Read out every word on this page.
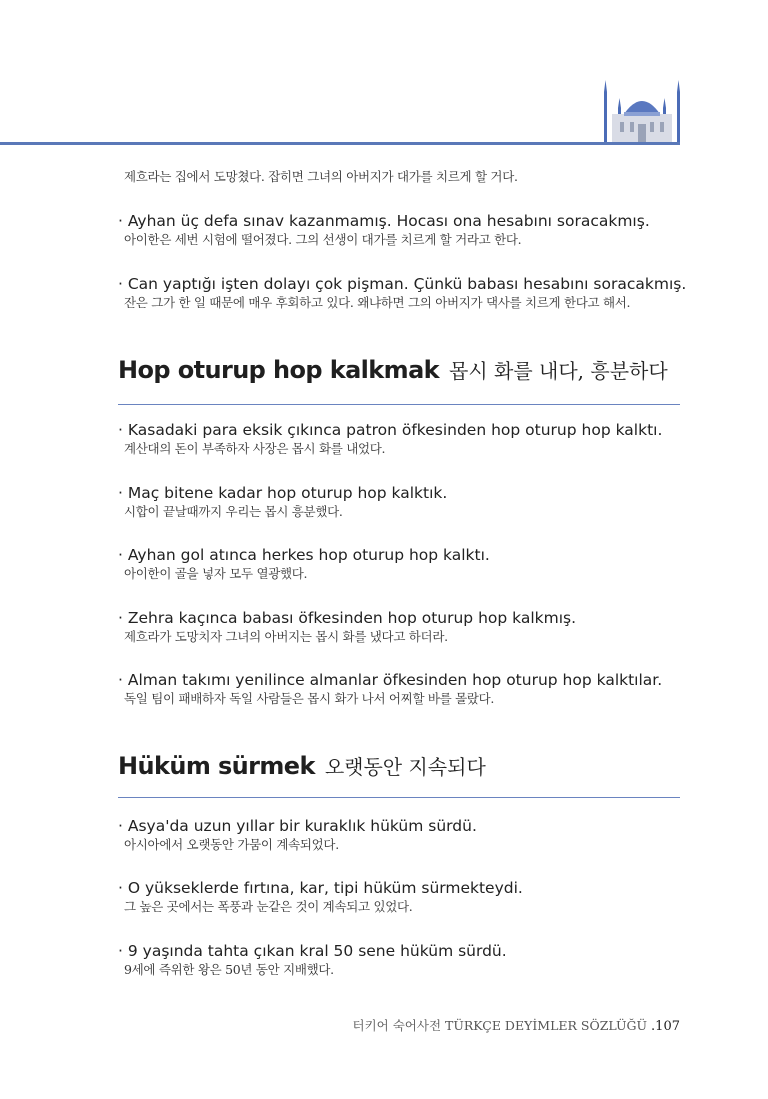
제흐라는 집에서 도망쳤다. 잡히면 그녀의 아버지가 대가를 치르게 할 거다.
· Ayhan üç defa sınav kazanmamış. Hocası ona hesabını soracakmış.
아이한은 세번 시험에 떨어졌다. 그의 선생이 대가를 치르게 할 거라고 한다.
· Can yaptığı işten dolayı çok pişman. Çünkü babası hesabını soracakmış.
잔은 그가 한 일 때문에 매우 후회하고 있다. 왜냐하면 그의 아버지가 댁사를 치르게 한다고 해서.
Hop oturup hop kalkmak 몹시 화를 내다, 흥분하다
· Kasadaki para eksik çıkınca patron öfkesinden hop oturup hop kalktı.
계산대의 돈이 부족하자 사장은 몹시 화를 내었다.
· Maç bitene kadar hop oturup hop kalktık.
시합이 끝날때까지 우리는 몹시 흥분했다.
· Ayhan gol atınca herkes hop oturup hop kalktı.
아이한이 골을 넣자 모두 열광했다.
· Zehra kaçınca babası öfkesinden hop oturup hop kalkmış.
제흐라가 도망치자 그녀의 아버지는 몹시 화를 냈다고 하더라.
· Alman takımı yenilince almanlar öfkesinden hop oturup hop kalktılar.
독일 팀이 패배하자 독일 사람들은 몹시 화가 나서 어찌할 바를 몰랐다.
Hüküm sürmek 오랫동안 지속되다
· Asya'da uzun yıllar bir kuraklık hüküm sürdü.
아시아에서 오랫동안 가뭄이 계속되었다.
· O yükseklerde fırtına, kar, tipi hüküm sürmekteydi.
그 높은 곳에서는 폭풍과 눈같은 것이 계속되고 있었다.
· 9 yaşında tahta çıkan kral 50 sene hüküm sürdü.
9세에 즉위한 왕은 50년 동안 지배했다.
터키어 숙어사전 TÜRKÇE DEYİMLER SÖZLÜĞÜ .107
